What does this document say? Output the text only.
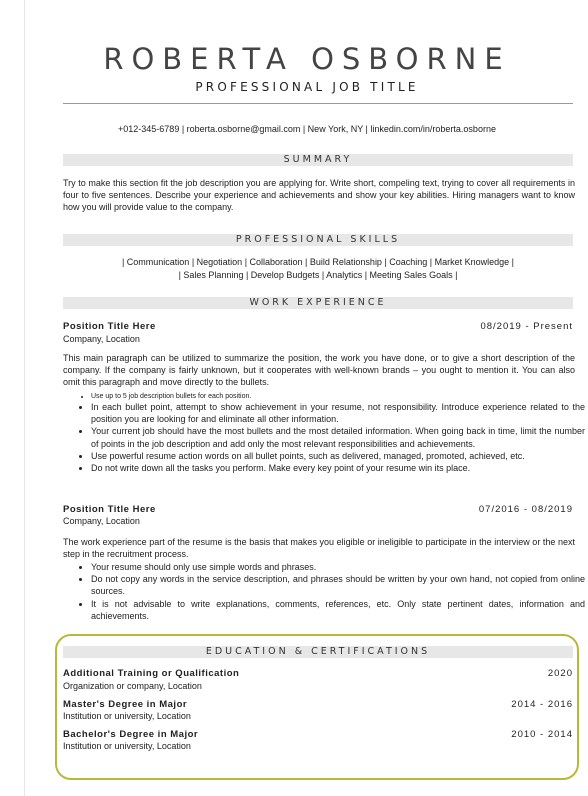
ROBERTA OSBORNE
PROFESSIONAL JOB TITLE
+012-345-6789 | roberta.osborne@gmail.com | New York, NY | linkedin.com/in/roberta.osborne
SUMMARY
Try to make this section fit the job description you are applying for. Write short, compeling text, trying to cover all requirements in four to five sentences. Describe your experience and achievements and show your key abilities. Hiring managers want to know how you will provide value to the company.
PROFESSIONAL SKILLS
| Communication | Negotiation | Collaboration | Build Relationship | Coaching | Market Knowledge |
| Sales Planning | Develop Budgets | Analytics | Meeting Sales Goals |
WORK EXPERIENCE
Position Title Here	08/2019 - Present
Company, Location
This main paragraph can be utilized to summarize the position, the work you have done, or to give a short description of the company. If the company is fairly unknown, but it cooperates with well-known brands – you ought to mention it. You can also omit this paragraph and move directly to the bullets.
• Use up to 5 job description bullets for each position.
• In each bullet point, attempt to show achievement in your resume, not responsibility. Introduce experience related to the position you are looking for and eliminate all other information.
• Your current job should have the most bullets and the most detailed information. When going back in time, limit the number of points in the job description and add only the most relevant responsibilities and achievements.
• Use powerful resume action words on all bullet points, such as delivered, managed, promoted, achieved, etc.
• Do not write down all the tasks you perform. Make every key point of your resume win its place.
Position Title Here	07/2016 - 08/2019
Company, Location
The work experience part of the resume is the basis that makes you eligible or ineligible to participate in the interview or the next step in the recruitment process.
• Your resume should only use simple words and phrases.
• Do not copy any words in the service description, and phrases should be written by your own hand, not copied from online sources.
• It is not advisable to write explanations, comments, references, etc. Only state pertinent dates, information and achievements.
EDUCATION & CERTIFICATIONS
Additional Training or Qualification	2020
Organization or company, Location
Master's Degree in Major	2014 - 2016
Institution or university, Location
Bachelor's Degree in Major	2010 - 2014
Institution or university, Location
